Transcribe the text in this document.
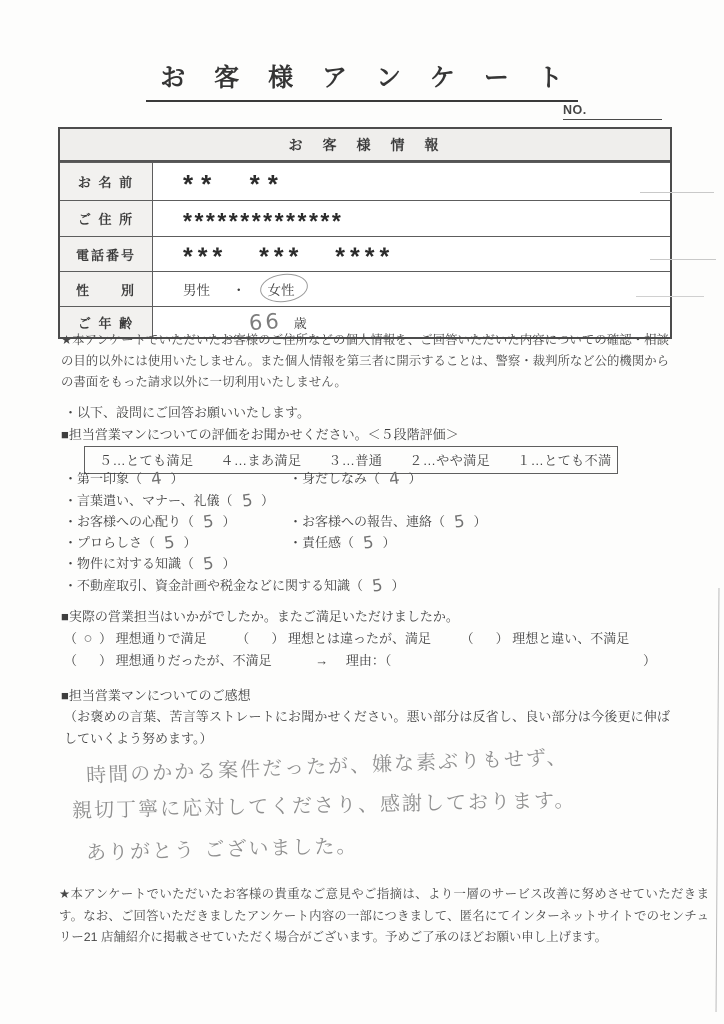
お 客 様 ア ン ケ ー ト
NO.
お　客　様　情　報
お 名 前	**  **
ご 住 所	**************
電話番号	*** *** ****
性　　別	男性 ・ 女性
ご 年 齢	66 歳
★本アンケートでいただいたお客様のご住所などの個人情報を、ご回答いただいた内容についての確認・相談の目的以外には使用いたしません。また個人情報を第三者に開示することは、警察・裁判所など公的機関からの書面をもった請求以外に一切利用いたしません。
・以下、設問にご回答お願いいたします。
■担当営業マンについての評価をお聞かせください。＜５段階評価＞
５…とても満足　　４…まあ満足　　３…普通　　２…やや満足　　１…とても不満
・第一印象（ 4 ）	・身だしなみ（ 4 ）
・言葉遣い、マナー、礼儀（ 5 ）
・お客様への心配り（ 5 ）	・お客様への報告、連絡（ 5 ）
・プロらしさ（ 5 ）	・責任感（ 5 ）
・物件に対する知識（ 5 ）
・不動産取引、資金計画や税金などに関する知識（ 5 ）
■実際の営業担当はいかがでしたか。またご満足いただけましたか。
（ ○ ） 理想通りで満足 （ ） 理想とは違ったが、満足 （ ） 理想と違い、不満足
（ ） 理想通りだったが、不満足	→ 理由：（	）
■担当営業マンについてのご感想
（お褒めの言葉、苦言等ストレートにお聞かせください。悪い部分は反省し、良い部分は今後更に伸ばしていくよう努めます。）
時間のかかる案件だったが、嫌な素ぶりもせず、
親切丁寧に応対してくださり、感謝しております。
ありがとう ございました。
★本アンケートでいただいたお客様の貴重なご意見やご指摘は、より一層のサービス改善に努めさせていただきます。なお、ご回答いただきましたアンケート内容の一部につきまして、匿名にてインターネットサイトでのセンチュリー21 店舗紹介に掲載させていただく場合がございます。予めご了承のほどお願い申し上げます。
